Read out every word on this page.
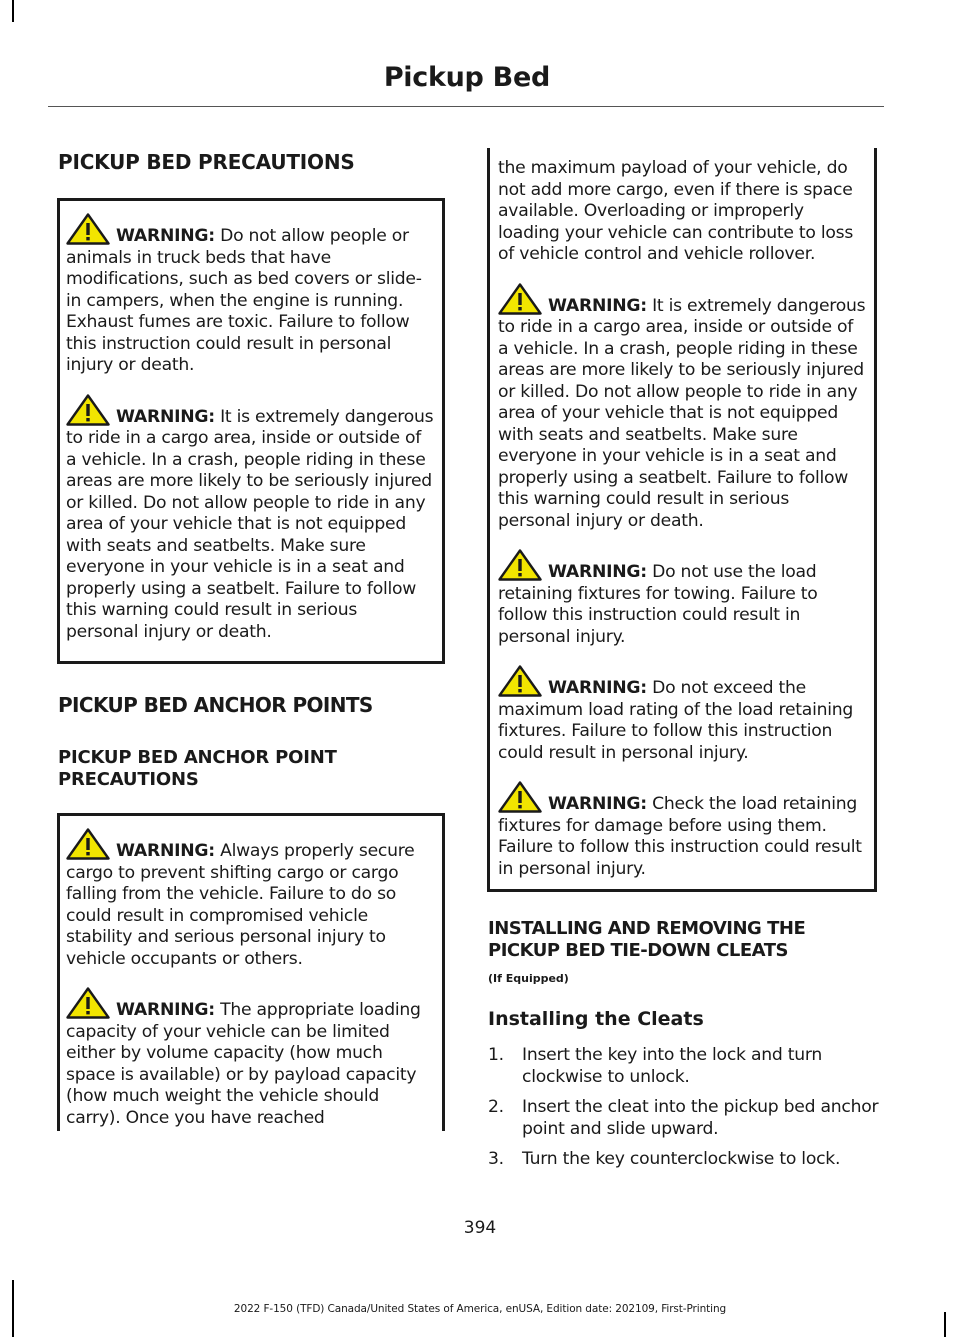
Pickup Bed
PICKUP BED PRECAUTIONS
WARNING: Do not allow people or animals in truck beds that have modifications, such as bed covers or slide-in campers, when the engine is running. Exhaust fumes are toxic. Failure to follow this instruction could result in personal injury or death.
WARNING: It is extremely dangerous to ride in a cargo area, inside or outside of a vehicle. In a crash, people riding in these areas are more likely to be seriously injured or killed. Do not allow people to ride in any area of your vehicle that is not equipped with seats and seatbelts. Make sure everyone in your vehicle is in a seat and properly using a seatbelt. Failure to follow this warning could result in serious personal injury or death.
PICKUP BED ANCHOR POINTS
PICKUP BED ANCHOR POINT PRECAUTIONS
WARNING: Always properly secure cargo to prevent shifting cargo or cargo falling from the vehicle. Failure to do so could result in compromised vehicle stability and serious personal injury to vehicle occupants or others.
WARNING: The appropriate loading capacity of your vehicle can be limited either by volume capacity (how much space is available) or by payload capacity (how much weight the vehicle should carry). Once you have reached
the maximum payload of your vehicle, do not add more cargo, even if there is space available. Overloading or improperly loading your vehicle can contribute to loss of vehicle control and vehicle rollover.
WARNING: It is extremely dangerous to ride in a cargo area, inside or outside of a vehicle. In a crash, people riding in these areas are more likely to be seriously injured or killed. Do not allow people to ride in any area of your vehicle that is not equipped with seats and seatbelts. Make sure everyone in your vehicle is in a seat and properly using a seatbelt. Failure to follow this warning could result in serious personal injury or death.
WARNING: Do not use the load retaining fixtures for towing. Failure to follow this instruction could result in personal injury.
WARNING: Do not exceed the maximum load rating of the load retaining fixtures. Failure to follow this instruction could result in personal injury.
WARNING: Check the load retaining fixtures for damage before using them. Failure to follow this instruction could result in personal injury.
INSTALLING AND REMOVING THE PICKUP BED TIE-DOWN CLEATS
(If Equipped)
Installing the Cleats
1. Insert the key into the lock and turn clockwise to unlock.
2. Insert the cleat into the pickup bed anchor point and slide upward.
3. Turn the key counterclockwise to lock.
394
2022 F-150 (TFD) Canada/United States of America, enUSA, Edition date: 202109, First-Printing
